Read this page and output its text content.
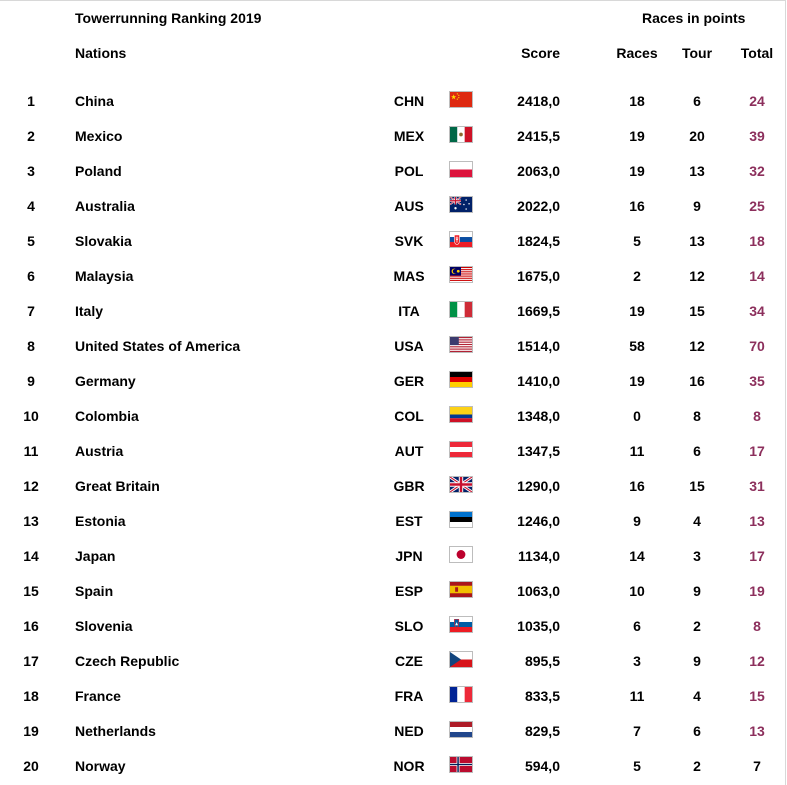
Towerrunning Ranking 2019	Races in points
Nations	Score	Races	Tour	Total
1	China	CHN	2418,0	18	6	24
2	Mexico	MEX	2415,5	19	20	39
3	Poland	POL	2063,0	19	13	32
4	Australia	AUS	2022,0	16	9	25
5	Slovakia	SVK	1824,5	5	13	18
6	Malaysia	MAS	1675,0	2	12	14
7	Italy	ITA	1669,5	19	15	34
8	United States of America	USA	1514,0	58	12	70
9	Germany	GER	1410,0	19	16	35
10	Colombia	COL	1348,0	0	8	8
11	Austria	AUT	1347,5	11	6	17
12	Great Britain	GBR	1290,0	16	15	31
13	Estonia	EST	1246,0	9	4	13
14	Japan	JPN	1134,0	14	3	17
15	Spain	ESP	1063,0	10	9	19
16	Slovenia	SLO	1035,0	6	2	8
17	Czech Republic	CZE	895,5	3	9	12
18	France	FRA	833,5	11	4	15
19	Netherlands	NED	829,5	7	6	13
20	Norway	NOR	594,0	5	2	7
